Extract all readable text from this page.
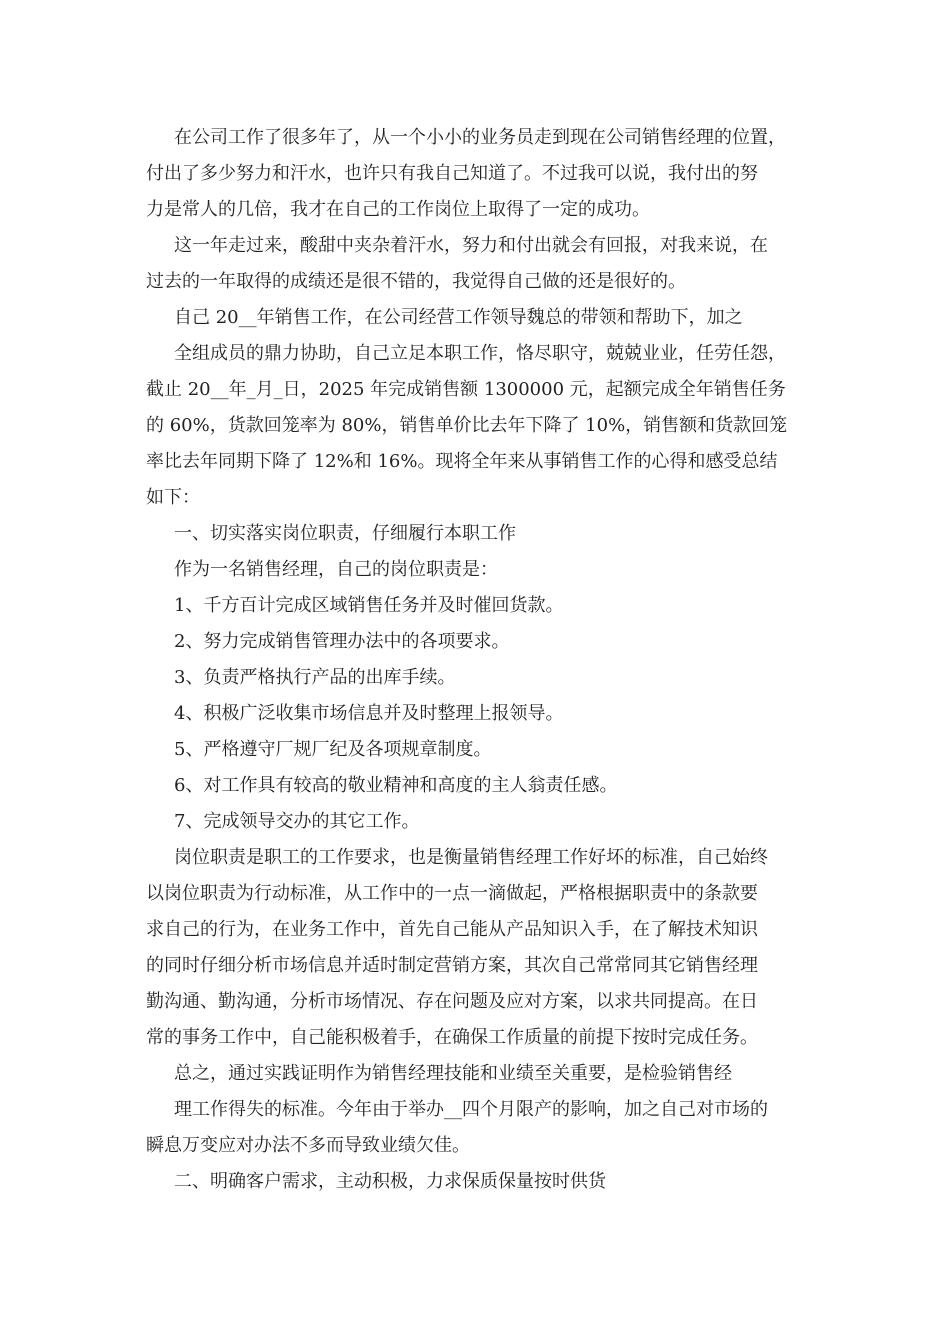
在公司工作了很多年了，从一个小小的业务员走到现在公司销售经理的位置，

付出了多少努力和汗水，也许只有我自己知道了。不过我可以说，我付出的努

力是常人的几倍，我才在自己的工作岗位上取得了一定的成功。

这一年走过来，酸甜中夹杂着汗水，努力和付出就会有回报，对我来说，在

过去的一年取得的成绩还是很不错的，我觉得自己做的还是很好的。

自己 20__年销售工作，在公司经营工作领导魏总的带领和帮助下，加之

全组成员的鼎力协助，自己立足本职工作，恪尽职守，兢兢业业，任劳任怨，

截止 20__年_月_日，2025 年完成销售额 1300000 元，起额完成全年销售任务

的 60%，货款回笼率为 80%，销售单价比去年下降了 10%，销售额和货款回笼

率比去年同期下降了 12%和 16%。现将全年来从事销售工作的心得和感受总结

如下：

一、切实落实岗位职责，仔细履行本职工作

作为一名销售经理，自己的岗位职责是：

1、千方百计完成区域销售任务并及时催回货款。

2、努力完成销售管理办法中的各项要求。

3、负责严格执行产品的出库手续。

4、积极广泛收集市场信息并及时整理上报领导。

5、严格遵守厂规厂纪及各项规章制度。

6、对工作具有较高的敬业精神和高度的主人翁责任感。

7、完成领导交办的其它工作。

岗位职责是职工的工作要求，也是衡量销售经理工作好坏的标准，自己始终

以岗位职责为行动标准，从工作中的一点一滴做起，严格根据职责中的条款要

求自己的行为，在业务工作中，首先自己能从产品知识入手，在了解技术知识

的同时仔细分析市场信息并适时制定营销方案，其次自己常常同其它销售经理

勤沟通、勤沟通，分析市场情况、存在问题及应对方案，以求共同提高。在日

常的事务工作中，自己能积极着手，在确保工作质量的前提下按时完成任务。

总之，通过实践证明作为销售经理技能和业绩至关重要，是检验销售经

理工作得失的标准。今年由于举办__四个月限产的影响，加之自己对市场的

瞬息万变应对办法不多而导致业绩欠佳。

二、明确客户需求，主动积极，力求保质保量按时供货
